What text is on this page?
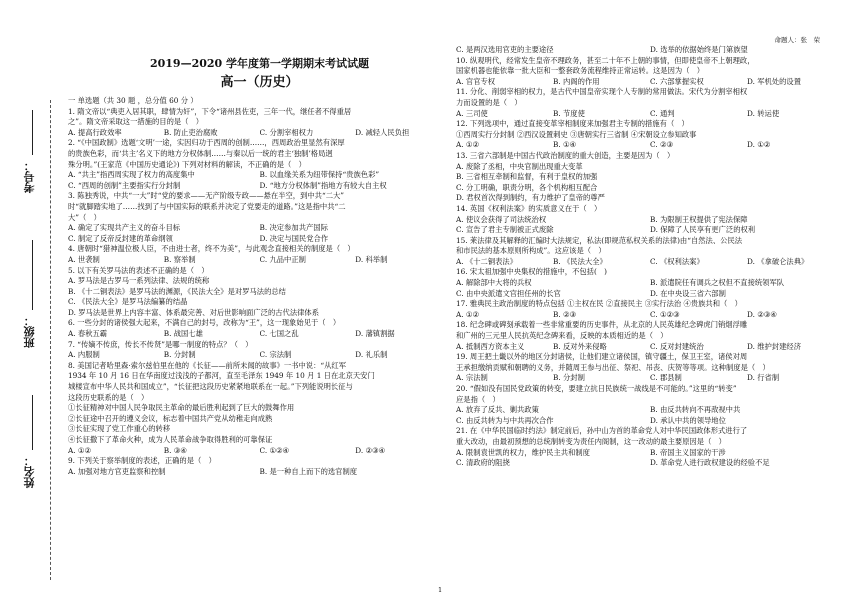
命题人：张　荣
考号：
班级：
姓名：
2019—2020 学年度第一学期期末考试试题
高一（历史）
一 单选题（共 30 题 ，总分值 60 分 ）
1. 隋文帝以“典吏入居其职，肆情为奸”，下令“诸州县佐吏，三年一代，继任者不得重居
之”。隋文帝采取这一措施的目的是（　）
A. 提高行政效率	B. 防止吏治腐败	C. 分割宰相权力	D. 减轻人民负担
2. “《中国政制》选题‘文明’一途，实因归功于西周的创制……，西周政治里显然有深厚
的贵族色彩，而‘共主’名义下的地方分权体制……与秦以后一统的君主‘独制’格局迥
殊分明。”(王家范《中国历史通论》) 下列对材料的解读，不正确的是（　）
A. “共主”指西周实现了权力的高度集中	B. 以血缘关系为纽带保持“贵族色彩”
C. “西周的创制”主要指实行分封制	D. “地方分权体制”指地方有较大自主权
3. 陈独秀说，中共“一大”时“党的要求——无产阶级专政——悬在半空，到中共“二大”
时“就脚踏实地了……找到了与中国实际的联系并决定了党要走的道路。”这是指中共“二
大”（　）
A. 确定了实现共产主义的奋斗目标	B. 决定参加共产国际
C. 制定了反帝反封建的革命纲领	D. 决定与国民党合作
4. 唐朝时“猎神温位极人臣，不由进士者，终不为美”，与此观念直接相关的制度是（　）
A. 世袭制	B. 察举制	C. 九品中正制	D. 科举制
5. 以下有关罗马法的表述不正确的是（　）
A. 罗马法是古罗马一系列法律、法规的统称
B. 《十二铜表法》是罗马法的渊源，《民法大全》是对罗马法的总结
C. 《民法大全》是罗马法编纂的结晶
D. 罗马法是世界上内容丰富、体系最完善、对后世影响面广泛的古代法律体系
6. 一些分封的诸侯强大起来，不满自己的封号，改称为“王”，这一现象始见于（　）
A. 春秋五霸	B. 战国七雄	C. 七国之乱	D. 藩镇割据
7. “传嫡不传庶，传长不传贤”是哪一制度的特点？（　）
A. 内服制	B. 分封制	C. 宗法制	D. 礼乐制
8. 美国记者哈里森·索尔兹伯里在他的《长征——前所未闻的故事》一书中说：“从红军
1934 年 10 月 16 日在华南度过浅浅的子都河，直至毛泽东 1949 年 10 月 1 日在北京天安门
城楼宣布中华人民共和国成立”，“长征把这段历史紧紧地联系在一起。”下列能说明长征与
这段历史联系的是（　）
①长征精神对中国人民争取民主革命的最后胜利起到了巨大的鼓舞作用
②长征途中召开的遵义会议，标志着中国共产党从幼稚走向成熟
③长征实现了党工作重心的转移
④长征撒下了革命火种，成为人民革命战争取得胜利的可靠保证
A. ①②	B. ③④	C. ①②④	D. ②③④
9. 下列关于察举制度的表述，正确的是（　）
A. 加强对地方官吏监察和控制	B. 是一种自上而下的选官制度
C. 是两汉选用官吏的主要途径	D. 选举的依据始终是门第族望
10. 纵观明代，经常发生皇帝不理政务，甚至二十年不上朝的事情，但即使皇帝不上朝理政，
国家机器也能依靠一批大臣和一整套政务流程维持正常运转。这是因为（　）
A. 官官专权	B. 内阁的作用	C. 六部掌握实权	D. 军机处的设置
11. 分化、削弱宰相的权力，是古代中国皇帝实现个人专制的常用做法。宋代为分割宰相权
力而设置的是（　）
A. 三司使	B. 节度使	C. 通判	D. 转运使
12. 下列选项中，通过直接变革宰相制度来加强君主专制的措施有（　）
①西周实行分封制 ②西汉设置刺史 ③唐朝实行三省制 ④宋朝设立参知政事
A. ①②	B. ①④	C. ②③	D. ①②
13. 三省六部制是中国古代政治制度的重大创造，主要是因为（　）
A. 废除了丞相，中央官制出现重大变革
B. 三省相互牵制和监督，有利于皇权的加强
C. 分工明确，职责分明，各个机构相互配合
D. 君权首次得到制约，有力维护了皇帝的尊严
14. 英国《权利法案》的实质意义在于（　）
A. 使议会获得了司法统治权	B. 为限制王权提供了宪法保障
C. 宣告了君主专制被正式废除	D. 保障了人民享有更广泛的权利
15. 莱法律及其解释的汇编时大法规定，私法(即规范私权关系的法律)由“自然法、公民法
和市民法的基本原则所构成”。这应该是（　）
A. 《十二铜表法》	B. 《民法大全》	C. 《权利法案》	D. 《拿破仑法典》
16. 宋太祖加强中央集权的措施中，不包括(　)
A. 解除部中大将的兵权	B. 派遣院任有调兵之权但不直接统领军队
C. 由中央派遣文官担任州的长官	D. 在中央设三省六部制
17. 雅典民主政治制度的特点包括 ①主权在民 ②直接民主 ③实行法治 ④贵族共和（　）
A. ①②	B. ②③	C. ①②③	D. ②③④
18. 纪念碑或碑刻承载着一些非常重要的历史事件，从北京的人民英雄纪念碑虎门销烟浮雕
和广州的三元里人民抗英纪念碑来看，反映的本质相近的是（　）
A. 抵制西方资本主义	B. 反对外来侵略	C. 反对封建统治	D. 维护封建经济
19. 周王把土畿以外的地区分封诸侯，让他们建立诸侯国，镇守疆土，保卫王室，诸侯对周
王承担缴纳贡赋和朝聘的义务，并随周王参与出征、祭祀、吊丧、庆贺等等项。这种制度是（　）
A. 宗法制	B. 分封制	C. 郡县制	D. 行省制
20. “假如没有国民党政策的转变，要建立抗日民族统一战线是不可能的。”这里的“转变”
应是指（　）
A. 放弃了反共、剿共政策	B. 由反共转向不再敌视中共
C. 由反共转为与中共再次合作	D. 承认中共的领导地位
21. 在《中华民国临时约法》制定前后，孙中山为首的革命党人对中华民国政体形式进行了
重大改动，由最初预想的总统制转变为责任内阁制，这一改动的最主要原因是（　）
A. 限制袁世凯的权力，维护民主共和制度	B. 帝国主义国家的干涉
C. 清政府的阻挠	D. 革命党人进行政权建设的经验不足
1
